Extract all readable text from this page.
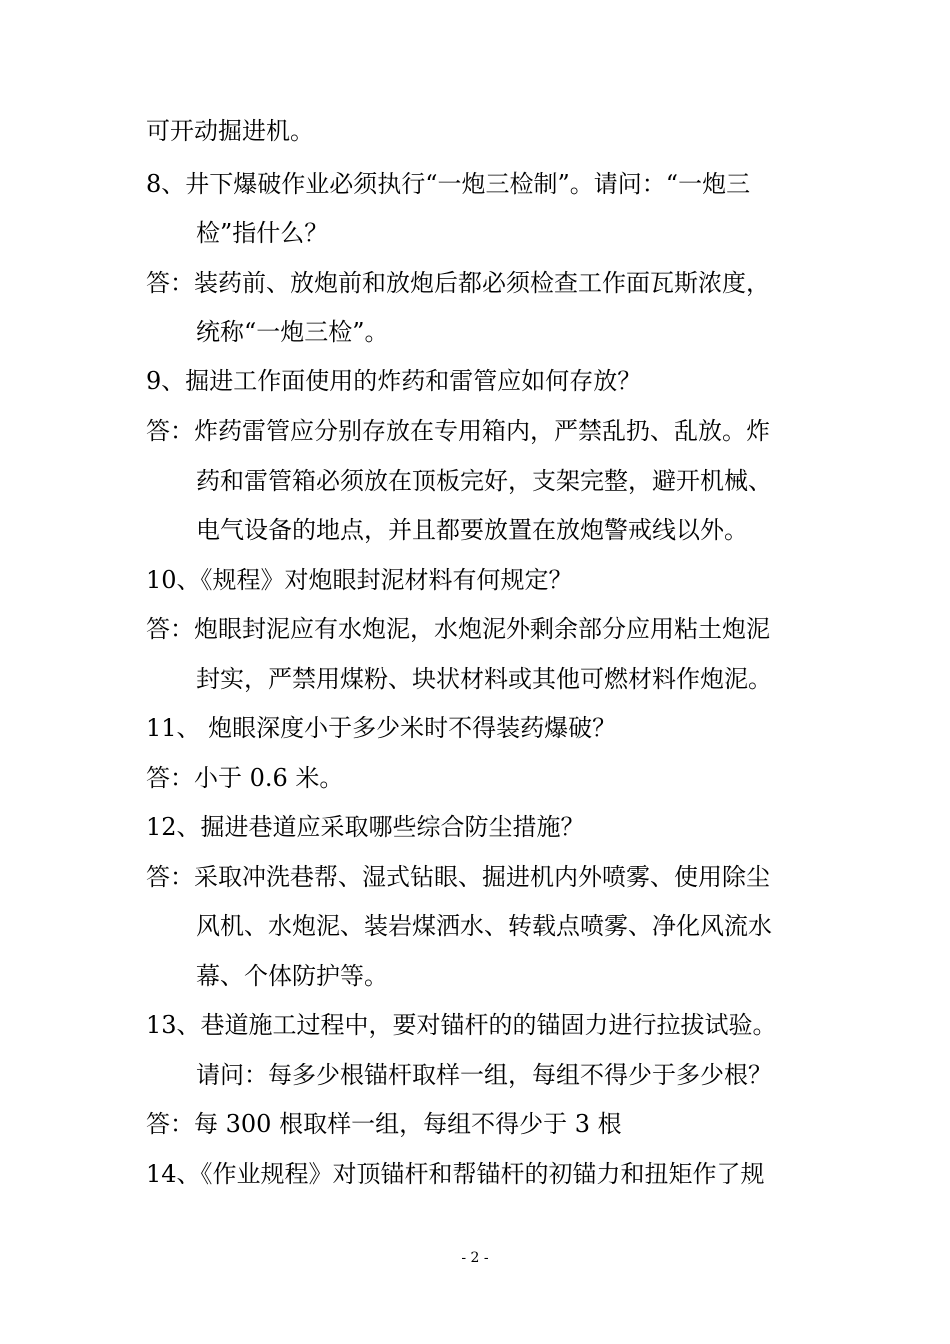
可开动掘进机。
8、井下爆破作业必须执行“一炮三检制”。请问：“一炮三
检”指什么？
答：装药前、放炮前和放炮后都必须检查工作面瓦斯浓度，
统称“一炮三检”。
9、掘进工作面使用的炸药和雷管应如何存放？
答：炸药雷管应分别存放在专用箱内，严禁乱扔、乱放。炸
药和雷管箱必须放在顶板完好，支架完整，避开机械、
电气设备的地点，并且都要放置在放炮警戒线以外。
10、《规程》对炮眼封泥材料有何规定？
答：炮眼封泥应有水炮泥，水炮泥外剩余部分应用粘土炮泥
封实，严禁用煤粉、块状材料或其他可燃材料作炮泥。
11、 炮眼深度小于多少米时不得装药爆破？
答：小于 0.6 米。
12、掘进巷道应采取哪些综合防尘措施？
答：采取冲洗巷帮、湿式钻眼、掘进机内外喷雾、使用除尘
风机、水炮泥、装岩煤洒水、转载点喷雾、净化风流水
幕、个体防护等。
13、巷道施工过程中，要对锚杆的的锚固力进行拉拔试验。
请问：每多少根锚杆取样一组，每组不得少于多少根？
答：每 300 根取样一组，每组不得少于 3 根
14、《作业规程》对顶锚杆和帮锚杆的初锚力和扭矩作了规
- 2 -
